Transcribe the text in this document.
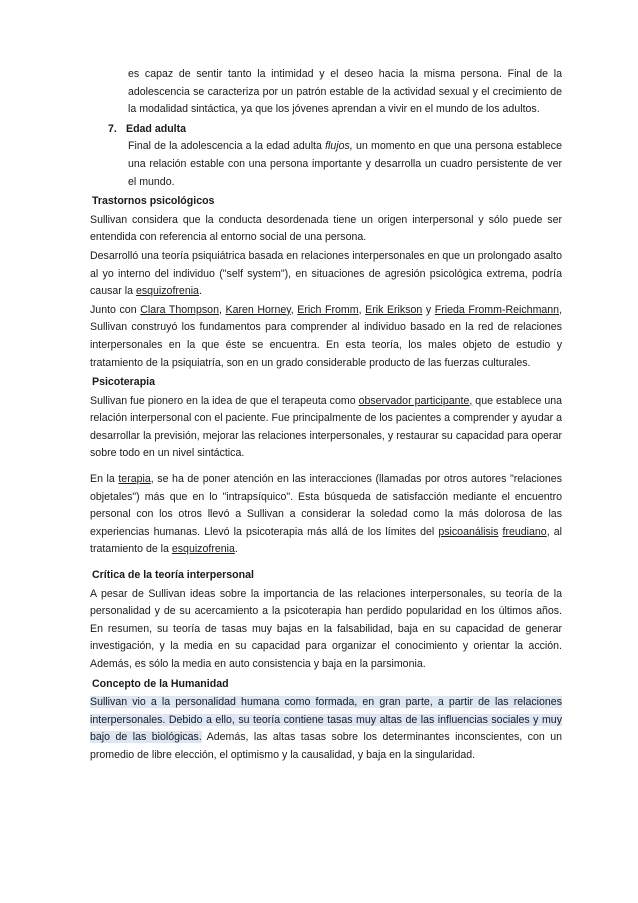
es capaz de sentir tanto la intimidad y el deseo hacia la misma persona. Final de la adolescencia se caracteriza por un patrón estable de la actividad sexual y el crecimiento de la modalidad sintáctica, ya que los jóvenes aprendan a vivir en el mundo de los adultos.

7. Edad adulta

Final de la adolescencia a la edad adulta flujos, un momento en que una persona establece una relación estable con una persona importante y desarrolla un cuadro persistente de ver el mundo.

Trastornos psicológicos

Sullivan considera que la conducta desordenada tiene un origen interpersonal y sólo puede ser entendida con referencia al entorno social de una persona.

Desarrolló una teoría psiquiátrica basada en relaciones interpersonales en que un prolongado asalto al yo interno del individuo ("self system"), en situaciones de agresión psicológica extrema, podría causar la esquizofrenia.

Junto con Clara Thompson, Karen Horney, Erich Fromm, Erik Erikson y Frieda Fromm-Reichmann, Sullivan construyó los fundamentos para comprender al individuo basado en la red de relaciones interpersonales en la que éste se encuentra. En esta teoría, los males objeto de estudio y tratamiento de la psiquiatría, son en un grado considerable producto de las fuerzas culturales.

Psicoterapia

Sullivan fue pionero en la idea de que el terapeuta como observador participante, que establece una relación interpersonal con el paciente. Fue principalmente de los pacientes a comprender y ayudar a desarrollar la previsión, mejorar las relaciones interpersonales, y restaurar su capacidad para operar sobre todo en un nivel sintáctica.

En la terapia, se ha de poner atención en las interacciones (llamadas por otros autores "relaciones objetales") más que en lo "intrapsíquico". Esta búsqueda de satisfacción mediante el encuentro personal con los otros llevó a Sullivan a considerar la soledad como la más dolorosa de las experiencias humanas. Llevó la psicoterapia más allá de los límites del psicoanálisis freudiano, al tratamiento de la esquizofrenia.

Crítica de la teoría interpersonal

A pesar de Sullivan ideas sobre la importancia de las relaciones interpersonales, su teoría de la personalidad y de su acercamiento a la psicoterapia han perdido popularidad en los últimos años. En resumen, su teoría de tasas muy bajas en la falsabilidad, baja en su capacidad de generar investigación, y la media en su capacidad para organizar el conocimiento y orientar la acción. Además, es sólo la media en auto consistencia y baja en la parsimonia.

Concepto de la Humanidad

Sullivan vio a la personalidad humana como formada, en gran parte, a partir de las relaciones interpersonales. Debido a ello, su teoría contiene tasas muy altas de las influencias sociales y muy bajo de las biológicas. Además, las altas tasas sobre los determinantes inconscientes, con un promedio de libre elección, el optimismo y la causalidad, y baja en la singularidad.
